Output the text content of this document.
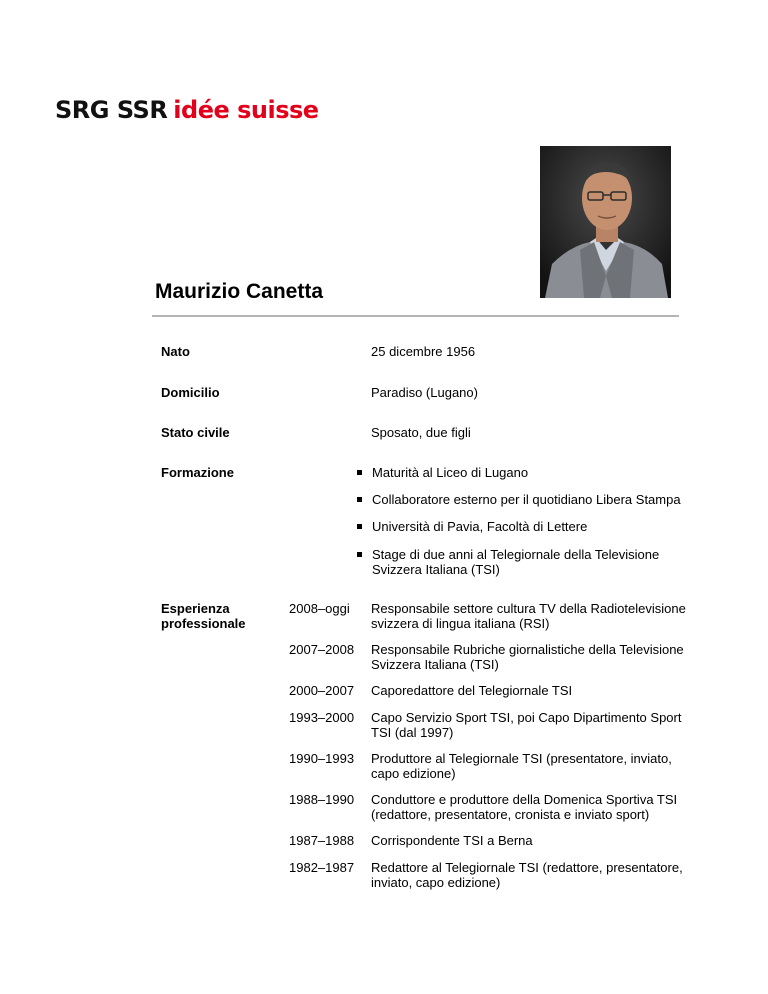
SRG SSR idée suisse
Maurizio Canetta
Nato	25 dicembre 1956
Domicilio	Paradiso (Lugano)
Stato civile	Sposato, due figli
Formazione	Maturità al Liceo di Lugano
Collaboratore esterno per il quotidiano Libera Stampa
Università di Pavia, Facoltà di Lettere
Stage di due anni al Telegiornale della Televisione Svizzera Italiana (TSI)
Esperienza professionale
2008–oggi Responsabile settore cultura TV della Radiotelevisione svizzera di lingua italiana (RSI)
2007–2008 Responsabile Rubriche giornalistiche della Televisione Svizzera Italiana (TSI)
2000–2007 Caporedattore del Telegiornale TSI
1993–2000 Capo Servizio Sport TSI, poi Capo Dipartimento Sport TSI (dal 1997)
1990–1993 Produttore al Telegiornale TSI (presentatore, inviato, capo edizione)
1988–1990 Conduttore e produttore della Domenica Sportiva TSI (redattore, presentatore, cronista e inviato sport)
1987–1988 Corrispondente TSI a Berna
1982–1987 Redattore al Telegiornale TSI (redattore, presentatore, inviato, capo edizione)
